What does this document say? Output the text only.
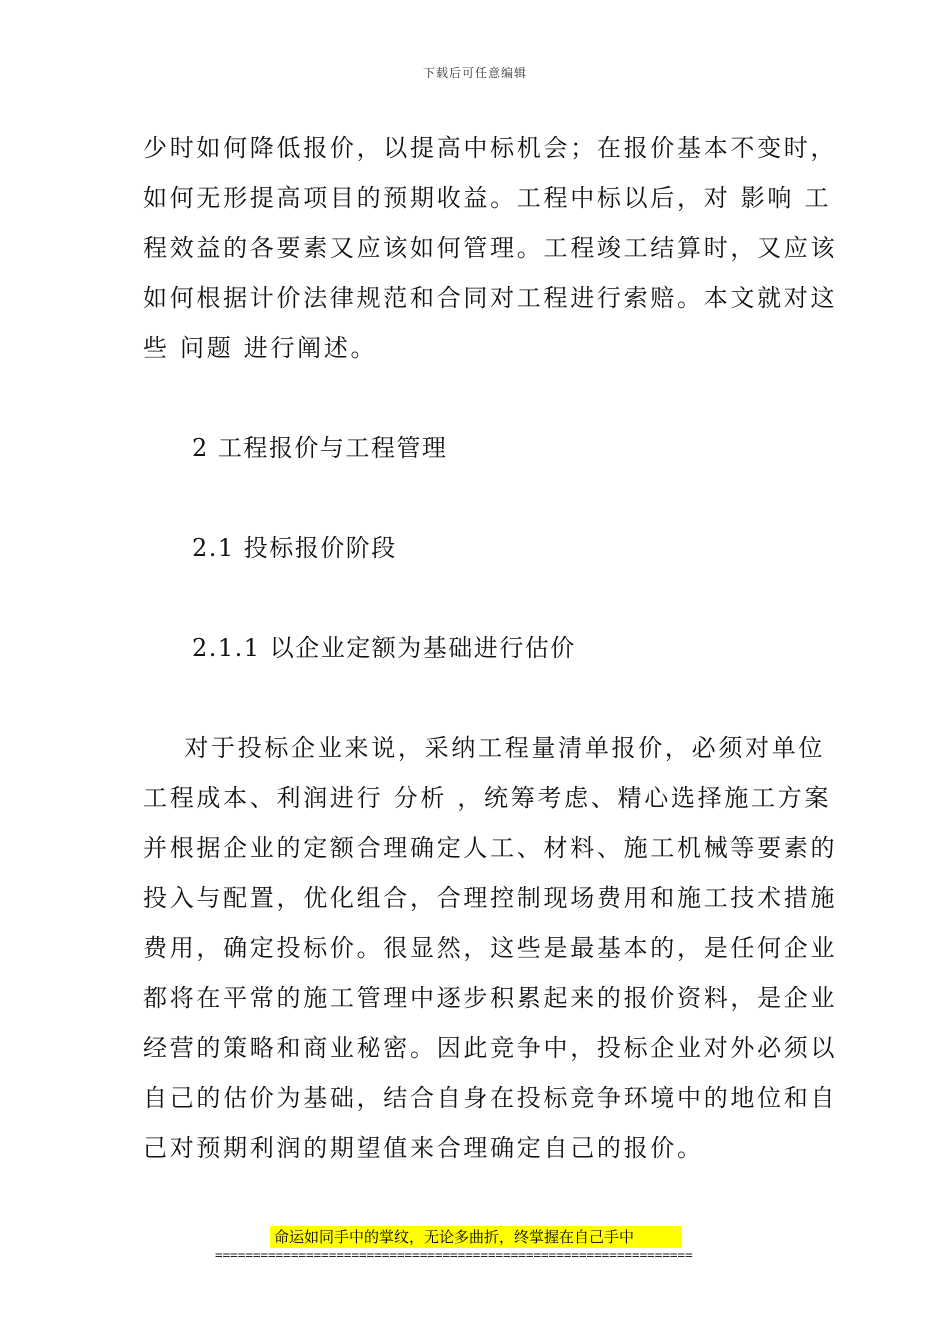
下载后可任意编辑
少时如何降低报价，以提高中标机会；在报价基本不变时，
如何无形提高项目的预期收益。工程中标以后，对 影响 工
程效益的各要素又应该如何管理。工程竣工结算时，又应该
如何根据计价法律规范和合同对工程进行索赔。本文就对这
些 问题 进行阐述。
2 工程报价与工程管理
2.1 投标报价阶段
2.1.1 以企业定额为基础进行估价
对于投标企业来说，采纳工程量清单报价，必须对单位
工程成本、利润进行 分析 ，统筹考虑、精心选择施工方案
并根据企业的定额合理确定人工、材料、施工机械等要素的
投入与配置，优化组合，合理控制现场费用和施工技术措施
费用，确定投标价。很显然，这些是最基本的，是任何企业
都将在平常的施工管理中逐步积累起来的报价资料，是企业
经营的策略和商业秘密。因此竞争中，投标企业对外必须以
自己的估价为基础，结合自身在投标竞争环境中的地位和自
己对预期利润的期望值来合理确定自己的报价。
命运如同手中的掌纹，无论多曲折，终掌握在自己手中
===============================================================
